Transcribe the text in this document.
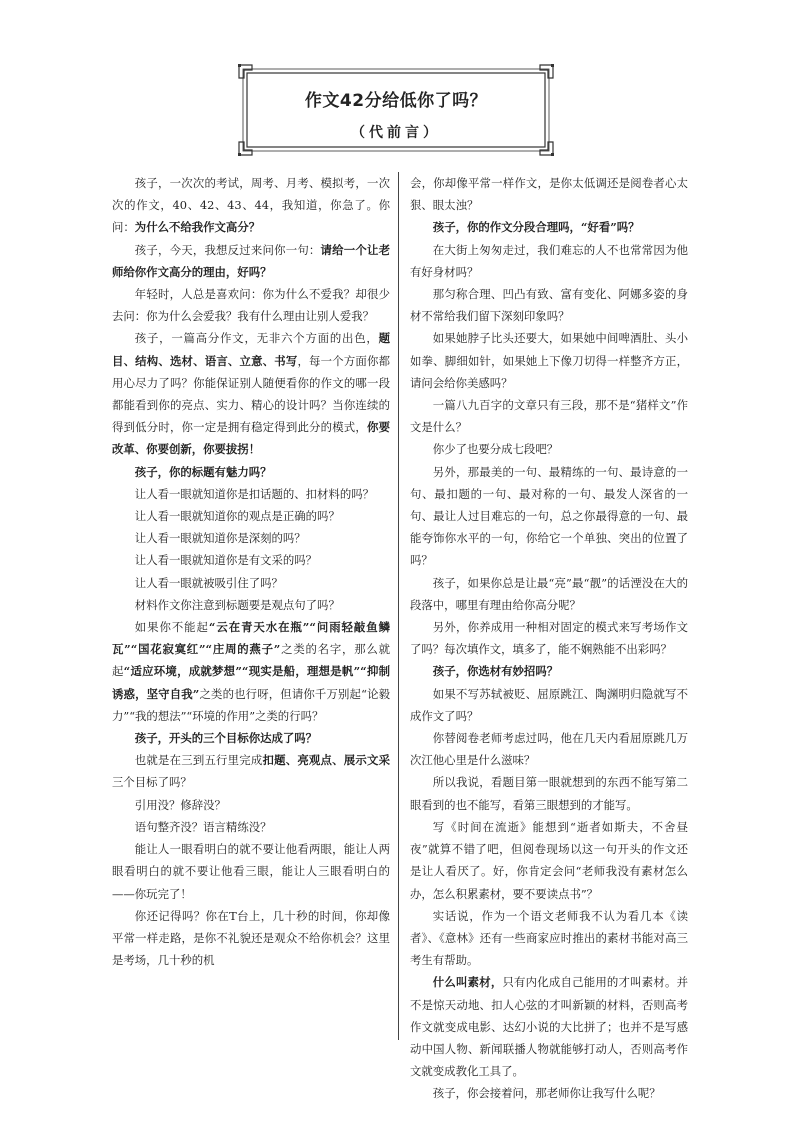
作文42分给低你了吗？
（代前言）

孩子，一次次的考试，周考、月考、模拟考，一次次的作文，40、42、43、44，我知道，你急了。你问：为什么不给我作文高分？

孩子，今天，我想反过来问你一句：请给一个让老师给你作文高分的理由，好吗？

年轻时，人总是喜欢问：你为什么不爱我？却很少去问：你为什么会爱我？我有什么理由让别人爱我？

孩子，一篇高分作文，无非六个方面的出色，题目、结构、选材、语言、立意、书写，每一个方面你都用心尽力了吗？你能保证别人随便看你的作文的哪一段都能看到你的亮点、实力、精心的设计吗？当你连续的得到低分时，你一定是拥有稳定得到此分的模式，你要改革、你要创新，你要拔拐！

孩子，你的标题有魅力吗？

让人看一眼就知道你是扣话题的、扣材料的吗？

让人看一眼就知道你的观点是正确的吗？

让人看一眼就知道你是深刻的吗？

让人看一眼就知道你是有文采的吗？

让人看一眼就被吸引住了吗？

材料作文你注意到标题要是观点句了吗？

如果你不能起“云在青天水在瓶”“问雨轻敲鱼鳞瓦”“国花寂寞红”“庄周的燕子”之类的名字，那么就起“适应环境，成就梦想”“现实是船，理想是帆”“抑制诱惑，坚守自我”之类的也行呀，但请你千万别起“论毅力”“我的想法”“环境的作用”之类的行吗？

孩子，开头的三个目标你达成了吗？

也就是在三到五行里完成扣题、亮观点、展示文采三个目标了吗？

引用没？修辞没？

语句整齐没？语言精练没？

能让人一眼看明白的就不要让他看两眼，能让人两眼看明白的就不要让他看三眼，能让人三眼看明白的——你玩完了！

你还记得吗？你在T台上，几十秒的时间，你却像平常一样走路，是你不礼貌还是观众不给你机会？这里是考场，几十秒的机

会，你却像平常一样作文，是你太低调还是阅卷者心太狠、眼太浊？

孩子，你的作文分段合理吗，“好看”吗？

在大街上匆匆走过，我们难忘的人不也常常因为他有好身材吗？

那匀称合理、凹凸有致、富有变化、阿娜多姿的身材不常给我们留下深刻印象吗？

如果她脖子比头还要大，如果她中间啤酒肚、头小如拳、脚细如针，如果她上下像刀切得一样整齐方正，请问会给你美感吗？

一篇八九百字的文章只有三段，那不是“猪样文”作文是什么？

你少了也要分成七段吧？

另外，那最美的一句、最精练的一句、最诗意的一句、最扣题的一句、最对称的一句、最发人深省的一句、最让人过目难忘的一句，总之你最得意的一句、最能夸饰你水平的一句，你给它一个单独、突出的位置了吗？

孩子，如果你总是让最“亮”最“靓”的话湮没在大的段落中，哪里有理由给你高分呢？

另外，你养成用一种相对固定的模式来写考场作文了吗？每次填作文，填多了，能不娴熟能不出彩吗？

孩子，你选材有妙招吗？

如果不写苏轼被贬、屈原跳江、陶渊明归隐就写不成作文了吗？

你替阅卷老师考虑过吗，他在几天内看屈原跳几万次江他心里是什么滋味？

所以我说，看题目第一眼就想到的东西不能写第二眼看到的也不能写，看第三眼想到的才能写。

写《时间在流逝》能想到“逝者如斯夫，不舍昼夜”就算不错了吧，但阅卷现场以这一句开头的作文还是让人看厌了。好，你肯定会问“老师我没有素材怎么办，怎么积累素材，要不要读点书”？

实话说，作为一个语文老师我不认为看几本《读者》、《意林》还有一些商家应时推出的素材书能对高三考生有帮助。

什么叫素材，只有内化成自己能用的才叫素材。并不是惊天动地、扣人心弦的才叫新颖的材料，否则高考作文就变成电影、达幻小说的大比拼了；也并不是写感动中国人物、新闻联播人物就能够打动人，否则高考作文就变成教化工具了。

孩子，你会接着问，那老师你让我写什么呢？
